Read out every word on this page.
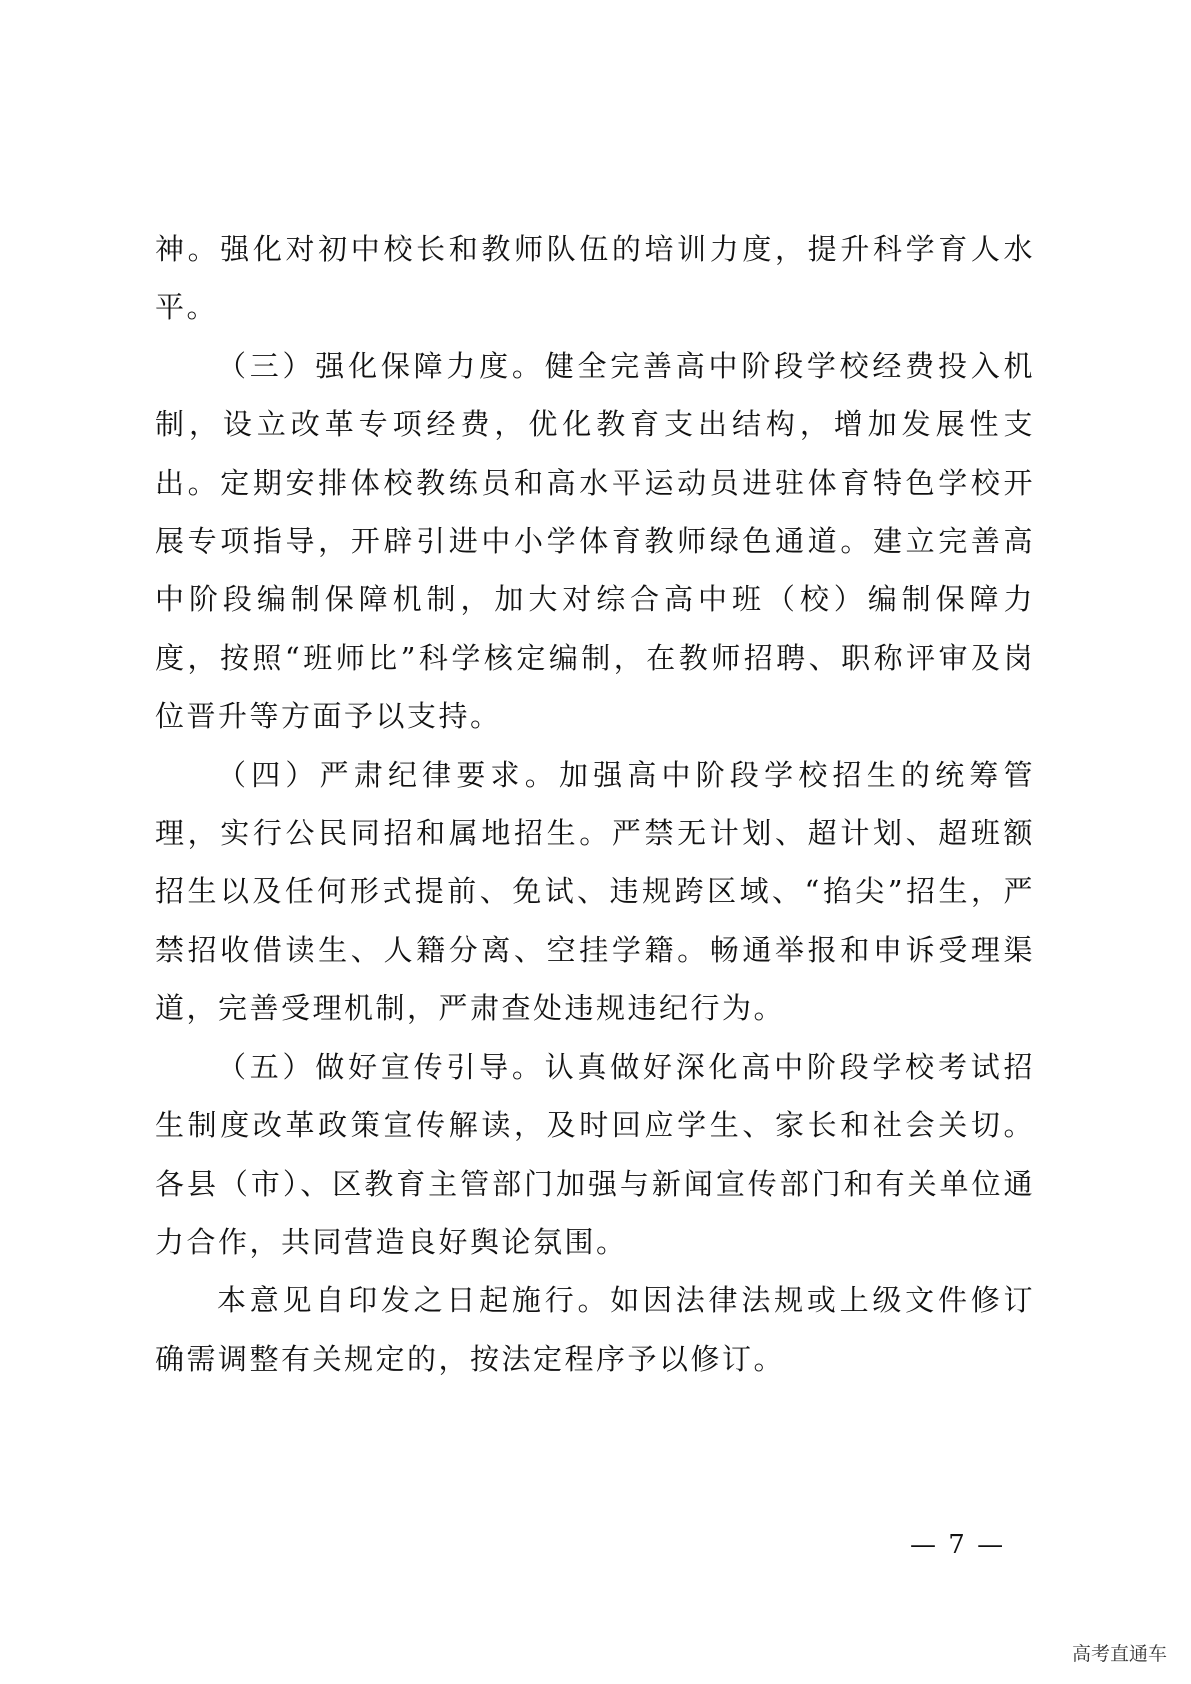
神。强化对初中校长和教师队伍的培训力度，提升科学育人水平。

（三）强化保障力度。健全完善高中阶段学校经费投入机制，设立改革专项经费，优化教育支出结构，增加发展性支出。定期安排体校教练员和高水平运动员进驻体育特色学校开展专项指导，开辟引进中小学体育教师绿色通道。建立完善高中阶段编制保障机制，加大对综合高中班（校）编制保障力度，按照“班师比”科学核定编制，在教师招聘、职称评审及岗位晋升等方面予以支持。

（四）严肃纪律要求。加强高中阶段学校招生的统筹管理，实行公民同招和属地招生。严禁无计划、超计划、超班额招生以及任何形式提前、免试、违规跨区域、“掐尖”招生，严禁招收借读生、人籍分离、空挂学籍。畅通举报和申诉受理渠道，完善受理机制，严肃查处违规违纪行为。

（五）做好宣传引导。认真做好深化高中阶段学校考试招生制度改革政策宣传解读，及时回应学生、家长和社会关切。各县（市）、区教育主管部门加强与新闻宣传部门和有关单位通力合作，共同营造良好舆论氛围。

本意见自印发之日起施行。如因法律法规或上级文件修订确需调整有关规定的，按法定程序予以修订。

— 7 —
高考直通车
